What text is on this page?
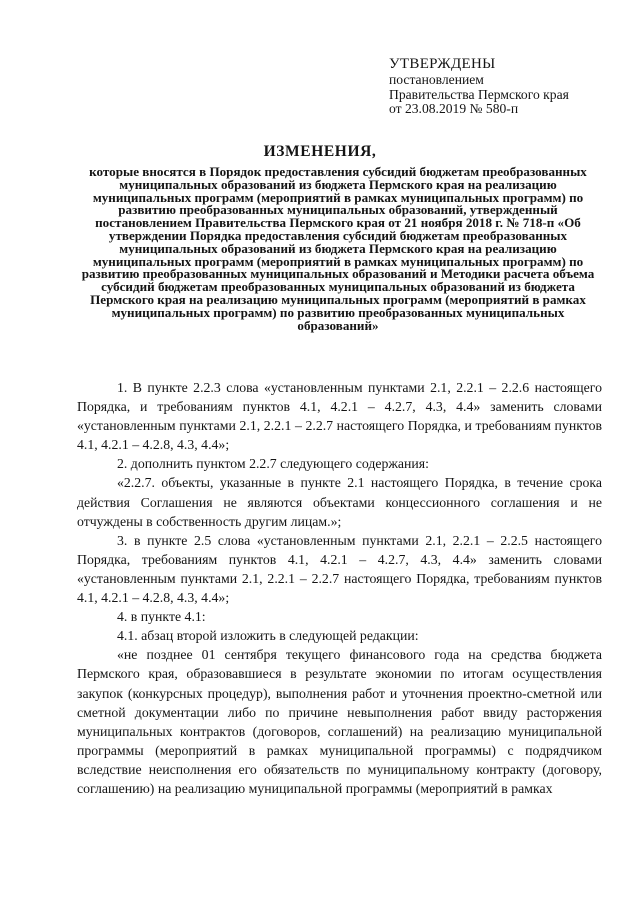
УТВЕРЖДЕНЫ
постановлением
Правительства Пермского края
от 23.08.2019 № 580-п
ИЗМЕНЕНИЯ,
которые вносятся в Порядок предоставления субсидий бюджетам преобразованных муниципальных образований из бюджета Пермского края на реализацию муниципальных программ (мероприятий в рамках муниципальных программ) по развитию преобразованных муниципальных образований, утвержденный постановлением Правительства Пермского края от 21 ноября 2018 г. № 718-п «Об утверждении Порядка предоставления субсидий бюджетам преобразованных муниципальных образований из бюджета Пермского края на реализацию муниципальных программ (мероприятий в рамках муниципальных программ) по развитию преобразованных муниципальных образований и Методики расчета объема субсидий бюджетам преобразованных муниципальных образований из бюджета Пермского края на реализацию муниципальных программ (мероприятий в рамках муниципальных программ) по развитию преобразованных муниципальных образований»

1. В пункте 2.2.3 слова «установленным пунктами 2.1, 2.2.1 – 2.2.6 настоящего Порядка, и требованиям пунктов 4.1, 4.2.1 – 4.2.7, 4.3, 4.4» заменить словами «установленным пунктами 2.1, 2.2.1 – 2.2.7 настоящего Порядка, и требованиям пунктов 4.1, 4.2.1 – 4.2.8, 4.3, 4.4»;

2. дополнить пунктом 2.2.7 следующего содержания:

«2.2.7. объекты, указанные в пункте 2.1 настоящего Порядка, в течение срока действия Соглашения не являются объектами концессионного соглашения и не отчуждены в собственность другим лицам.»;

3. в пункте 2.5 слова «установленным пунктами 2.1, 2.2.1 – 2.2.5 настоящего Порядка, требованиям пунктов 4.1, 4.2.1 – 4.2.7, 4.3, 4.4» заменить словами «установленным пунктами 2.1, 2.2.1 – 2.2.7 настоящего Порядка, требованиям пунктов 4.1, 4.2.1 – 4.2.8, 4.3, 4.4»;

4. в пункте 4.1:

4.1. абзац второй изложить в следующей редакции:

«не позднее 01 сентября текущего финансового года на средства бюджета Пермского края, образовавшиеся в результате экономии по итогам осуществления закупок (конкурсных процедур), выполнения работ и уточнения проектно-сметной или сметной документации либо по причине невыполнения работ ввиду расторжения муниципальных контрактов (договоров, соглашений) на реализацию муниципальной программы (мероприятий в рамках муниципальной программы) с подрядчиком вследствие неисполнения его обязательств по муниципальному контракту (договору, соглашению) на реализацию муниципальной программы (мероприятий в рамках
